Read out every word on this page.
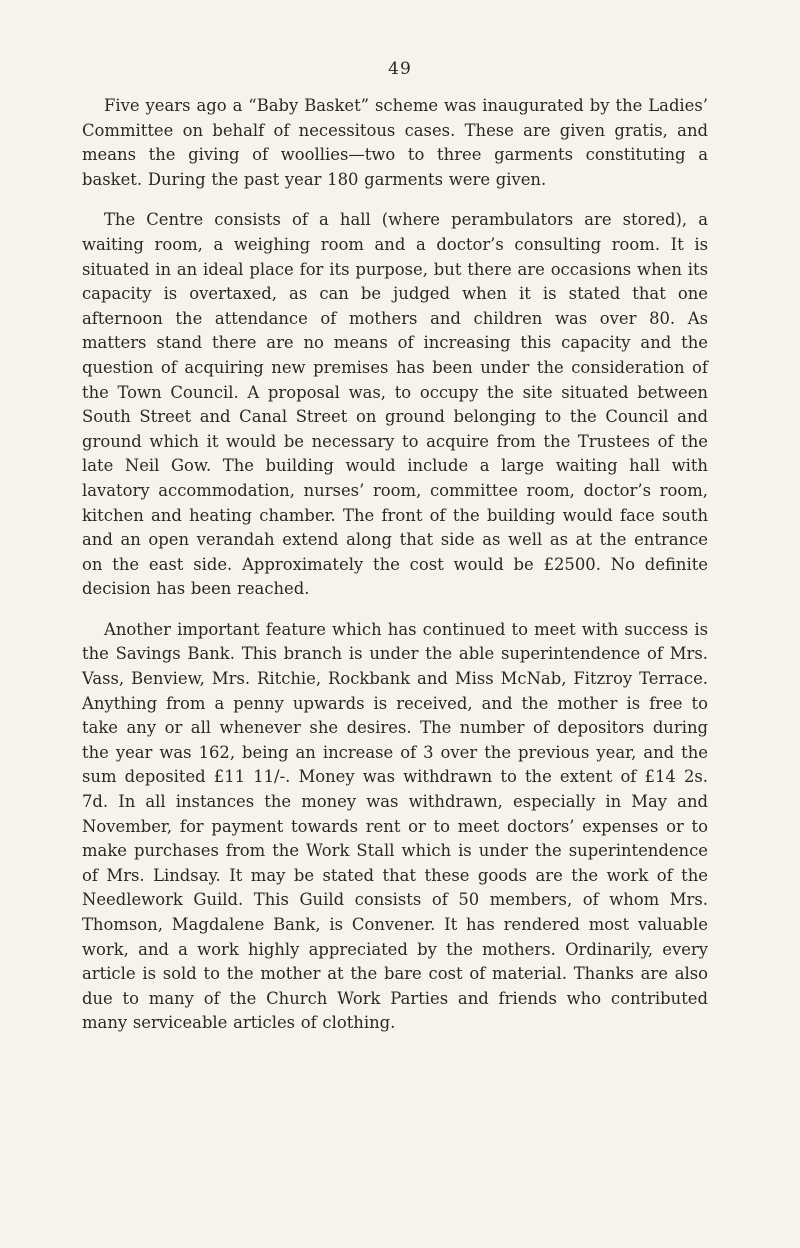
49

Five years ago a “Baby Basket” scheme was inaugurated by the Ladies’ Committee on behalf of necessitous cases. These are given gratis, and means the giving of woollies—two to three garments constituting a basket. During the past year 180 garments were given.

The Centre consists of a hall (where perambulators are stored), a waiting room, a weighing room and a doctor’s consulting room. It is situated in an ideal place for its purpose, but there are occasions when its capacity is overtaxed, as can be judged when it is stated that one afternoon the attendance of mothers and children was over 80. As matters stand there are no means of increasing this capacity and the question of acquiring new premises has been under the consideration of the Town Council. A proposal was, to occupy the site situated between South Street and Canal Street on ground belonging to the Council and ground which it would be necessary to acquire from the Trustees of the late Neil Gow. The building would include a large waiting hall with lavatory accommodation, nurses’ room, committee room, doctor’s room, kitchen and heating chamber. The front of the building would face south and an open verandah extend along that side as well as at the entrance on the east side. Approximately the cost would be £2500. No definite decision has been reached.

Another important feature which has continued to meet with success is the Savings Bank. This branch is under the able superintendence of Mrs. Vass, Benview, Mrs. Ritchie, Rockbank and Miss McNab, Fitzroy Terrace. Anything from a penny upwards is received, and the mother is free to take any or all whenever she desires. The number of depositors during the year was 162, being an increase of 3 over the previous year, and the sum deposited £11 11/-. Money was withdrawn to the extent of £14 2s. 7d. In all instances the money was withdrawn, especially in May and November, for payment towards rent or to meet doctors’ expenses or to make purchases from the Work Stall which is under the superintendence of Mrs. Lindsay. It may be stated that these goods are the work of the Needlework Guild. This Guild consists of 50 members, of whom Mrs. Thomson, Magdalene Bank, is Convener. It has rendered most valuable work, and a work highly appreciated by the mothers. Ordinarily, every article is sold to the mother at the bare cost of material. Thanks are also due to many of the Church Work Parties and friends who contributed many serviceable articles of clothing.
